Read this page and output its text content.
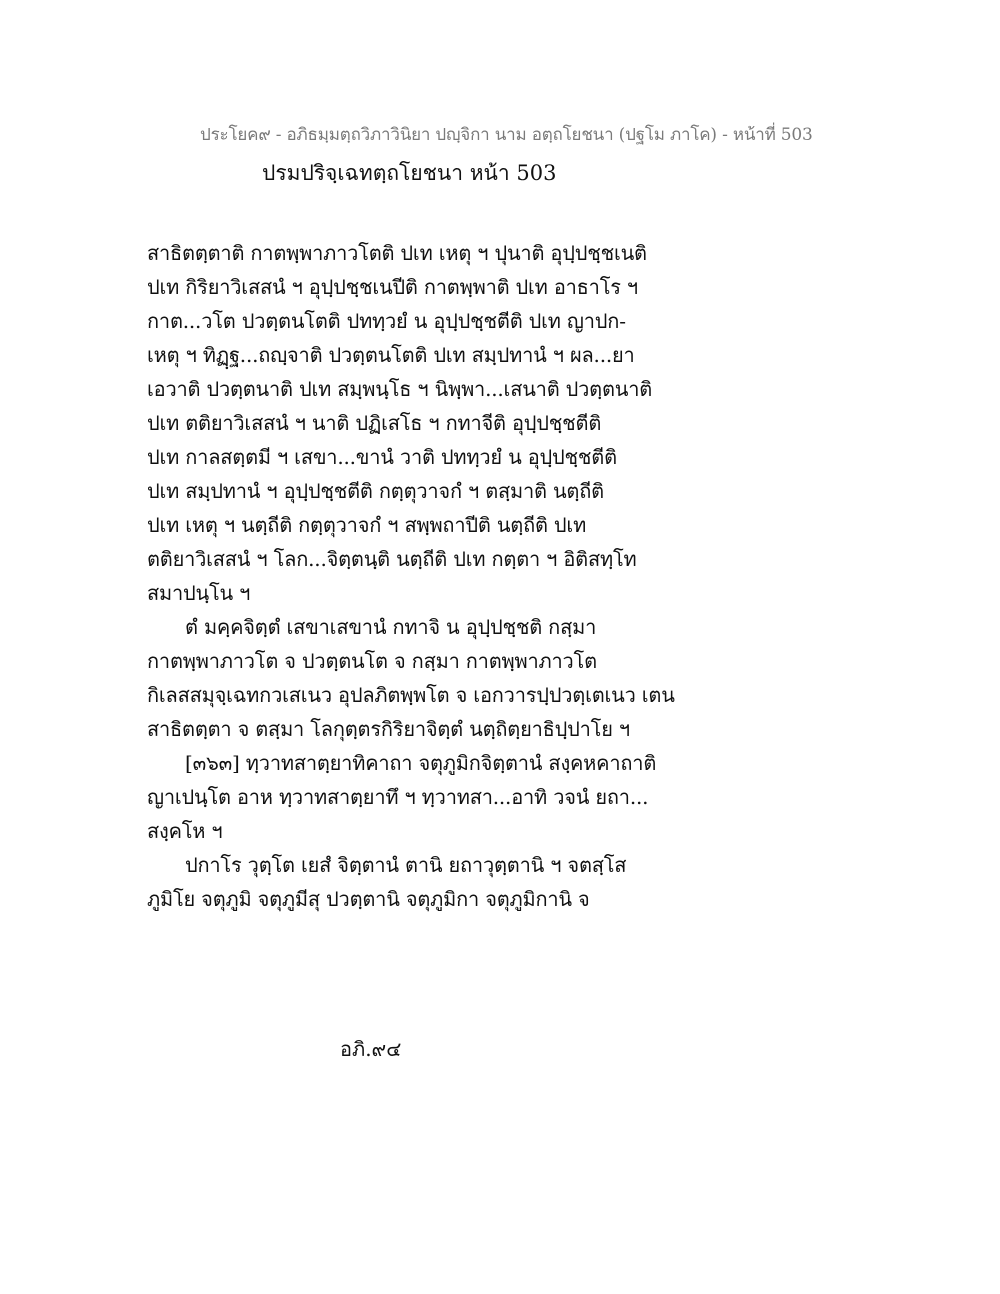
ประโยค๙ - อภิธมฺมตฺถวิภาวินิยา ปญฺจิกา นาม อตฺถโยชนา (ปฐโม ภาโค) - หน้าที่ 503
ปรมปริจฺเฉทตฺถโยชนา หน้า 503
สาธิตตฺตาติ กาตพฺพาภาวโตติ ปเท เหตุ ฯ ปุนาติ อุปฺปชฺชเนติ
ปเท กิริยาวิเสสนํ ฯ อุปฺปชฺชเนปีติ กาตพฺพาติ ปเท อาธาโร ฯ
กาต...วโต ปวตฺตนโตติ ปททฺวยํ น อุปฺปชฺชตีติ ปเท ญาปก-
เหตุ ฯ ทิฏฺฐ...ถญฺจาติ ปวตฺตนโตติ ปเท สมฺปทานํ ฯ ผล...ยา
เอวาติ ปวตฺตนาติ ปเท สมฺพนฺโธ ฯ นิพฺพา...เสนาติ ปวตฺตนาติ
ปเท ตติยาวิเสสนํ ฯ นาติ ปฏิเสโธ ฯ กทาจีติ อุปฺปชฺชตีติ
ปเท กาลสตฺตมี ฯ เสขา...ขานํ วาติ ปททฺวยํ น อุปฺปชฺชตีติ
ปเท สมฺปทานํ ฯ อุปฺปชฺชตีติ กตฺตุวาจกํ ฯ ตสฺมาติ นตฺถีติ
ปเท เหตุ ฯ นตฺถีติ กตฺตุวาจกํ ฯ สพฺพถาปีติ นตฺถีติ ปเท
ตติยาวิเสสนํ ฯ โลก...จิตฺตนฺติ นตฺถีติ ปเท กตฺตา ฯ อิติสทฺโท
สมาปนฺโน ฯ
ตํ มคฺคจิตฺตํ เสขาเสขานํ กทาจิ น อุปฺปชฺชติ กสฺมา
กาตพฺพาภาวโต จ ปวตฺตนโต จ กสฺมา กาตพฺพาภาวโต
กิเลสสมุจฺเฉทกวเสเนว อุปลภิตพฺพโต จ เอกวารปฺปวตฺเตเนว เตน
สาธิตตฺตา จ ตสฺมา โลกุตฺตรกิริยาจิตฺตํ นตฺถิตฺยาธิปฺปาโย ฯ
[๓๖๓] ทฺวาทสาตฺยาทิคาถา จตุภูมิกจิตฺตานํ สงฺคหคาถาติ
ญาเปนฺโต อาห ทฺวาทสาตฺยาทึ ฯ ทฺวาทสา...อาทิ วจนํ ยถา...
สงฺคโห ฯ
ปกาโร วุตฺโต เยสํ จิตฺตานํ ตานิ ยถาวุตฺตานิ ฯ จตสฺโส
ภูมิโย จตุภูมิ จตุภูมีสุ ปวตฺตานิ จตุภูมิกา จตุภูมิกานิ จ
อภิ.๙๔
